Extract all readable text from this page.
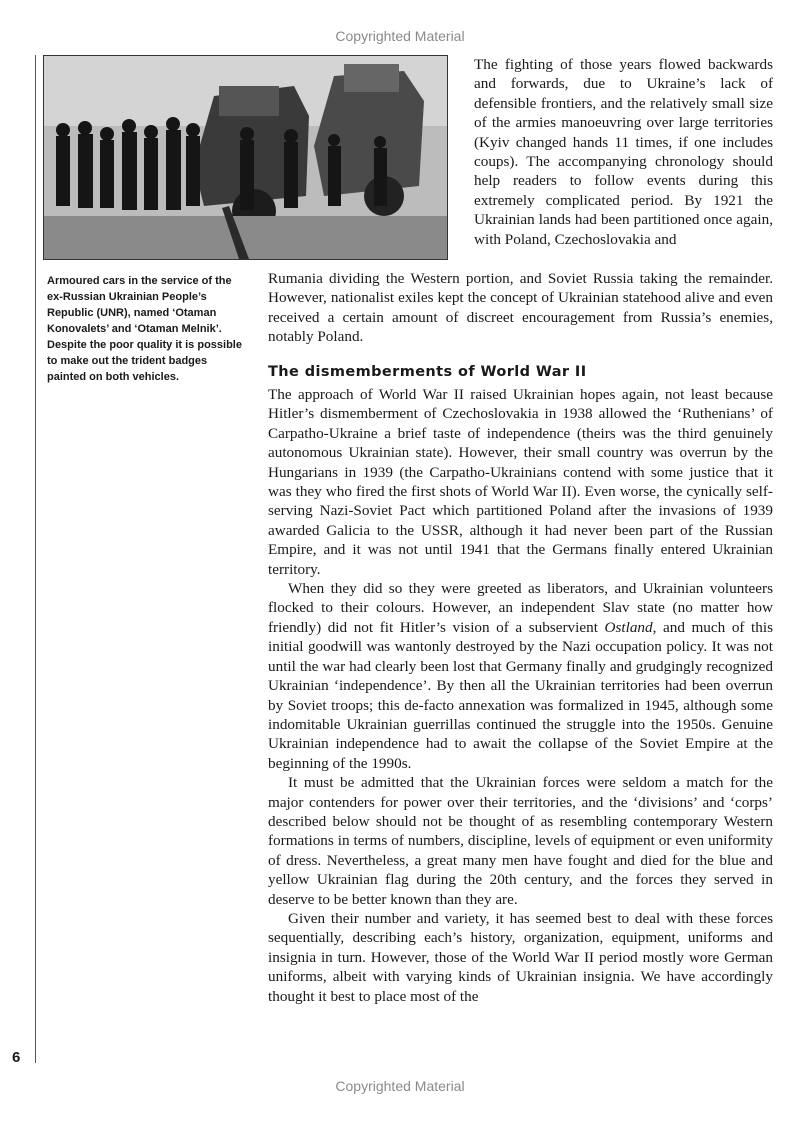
Copyrighted Material

Armoured cars in the service of the ex-Russian Ukrainian People’s Republic (UNR), named ‘Otaman Konovalets’ and ‘Otaman Melnik’. Despite the poor quality it is possible to make out the trident badges painted on both vehicles.

The fighting of those years flowed backwards and forwards, due to Ukraine’s lack of defensible frontiers, and the relatively small size of the armies manoeuvring over large territories (Kyiv changed hands 11 times, if one includes coups). The accompanying chronology should help readers to follow events during this extremely complicated period. By 1921 the Ukrainian lands had been partitioned once again, with Poland, Czechoslovakia and

Rumania dividing the Western portion, and Soviet Russia taking the remainder. However, nationalist exiles kept the concept of Ukrainian statehood alive and even received a certain amount of discreet encouragement from Russia’s enemies, notably Poland.

The dismemberments of World War II

The approach of World War II raised Ukrainian hopes again, not least because Hitler’s dismemberment of Czechoslovakia in 1938 allowed the ‘Ruthenians’ of Carpatho-Ukraine a brief taste of independence (theirs was the third genuinely autonomous Ukrainian state). However, their small country was overrun by the Hungarians in 1939 (the Carpatho-Ukrainians contend with some justice that it was they who fired the first shots of World War II). Even worse, the cynically self-serving Nazi-Soviet Pact which partitioned Poland after the invasions of 1939 awarded Galicia to the USSR, although it had never been part of the Russian Empire, and it was not until 1941 that the Germans finally entered Ukrainian territory.

When they did so they were greeted as liberators, and Ukrainian volunteers flocked to their colours. However, an independent Slav state (no matter how friendly) did not fit Hitler’s vision of a subservient Ostland, and much of this initial goodwill was wantonly destroyed by the Nazi occupation policy. It was not until the war had clearly been lost that Germany finally and grudgingly recognized Ukrainian ‘independence’. By then all the Ukrainian territories had been overrun by Soviet troops; this de-facto annexation was formalized in 1945, although some indomitable Ukrainian guerrillas continued the struggle into the 1950s. Genuine Ukrainian independence had to await the collapse of the Soviet Empire at the beginning of the 1990s.

It must be admitted that the Ukrainian forces were seldom a match for the major contenders for power over their territories, and the ‘divisions’ and ‘corps’ described below should not be thought of as resembling contemporary Western formations in terms of numbers, discipline, levels of equipment or even uniformity of dress. Nevertheless, a great many men have fought and died for the blue and yellow Ukrainian flag during the 20th century, and the forces they served in deserve to be better known than they are.

Given their number and variety, it has seemed best to deal with these forces sequentially, describing each’s history, organization, equipment, uniforms and insignia in turn. However, those of the World War II period mostly wore German uniforms, albeit with varying kinds of Ukrainian insignia. We have accordingly thought it best to place most of the

6
Copyrighted Material
